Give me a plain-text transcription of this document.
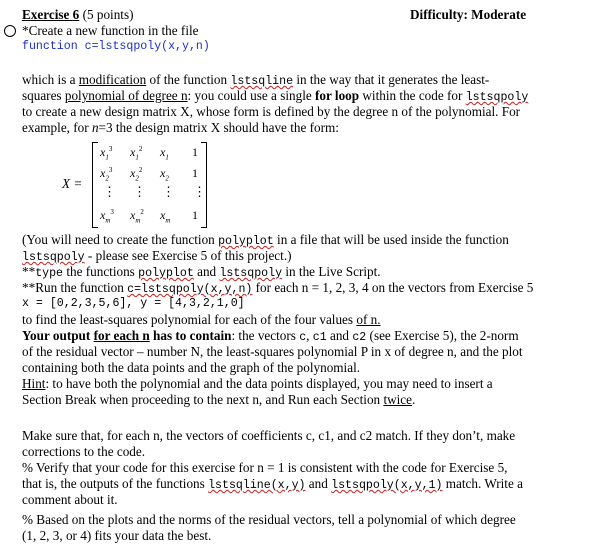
Exercise 6 (5 points)	Difficulty: Moderate
*Create a new function in the file
function c=lstsqpoly(x,y,n)
which is a modification of the function lstsqline in the way that it generates the least-
squares polynomial of degree n: you could use a single for loop within the code for lstsqpoly
to create a new design matrix X, whose form is defined by the degree n of the polynomial. For
example, for n=3 the design matrix X should have the form:
X =
$x_1^3$ $x_1^2$ $x_1$ 1
$x_2^3$ $x_2^2$ $x_2$ 1
⋮ ⋮ ⋮ ⋮
$x_m^3$ $x_m^2$ $x_m$ 1
(You will need to create the function polyplot in a file that will be used inside the function
lstsqpoly - please see Exercise 5 of this project.)
**type the functions polyplot and lstsqpoly in the Live Script.
**Run the function c=lstsqpoly(x,y,n) for each n = 1, 2, 3, 4 on the vectors from Exercise 5
x = [0,2,3,5,6], y = [4,3,2,1,0]
to find the least-squares polynomial for each of the four values of n.
Your output for each n has to contain: the vectors c, c1 and c2 (see Exercise 5), the 2-norm
of the residual vector – number N, the least-squares polynomial P in x of degree n, and the plot
containing both the data points and the graph of the polynomial.
Hint: to have both the polynomial and the data points displayed, you may need to insert a
Section Break when proceeding to the next n, and Run each Section twice.
Make sure that, for each n, the vectors of coefficients c, c1, and c2 match. If they don’t, make
corrections to the code.
% Verify that your code for this exercise for n = 1 is consistent with the code for Exercise 5,
that is, the outputs of the functions lstsqline(x,y) and lstsqpoly(x,y,1) match. Write a
comment about it.
% Based on the plots and the norms of the residual vectors, tell a polynomial of which degree
(1, 2, 3, or 4) fits your data the best.
